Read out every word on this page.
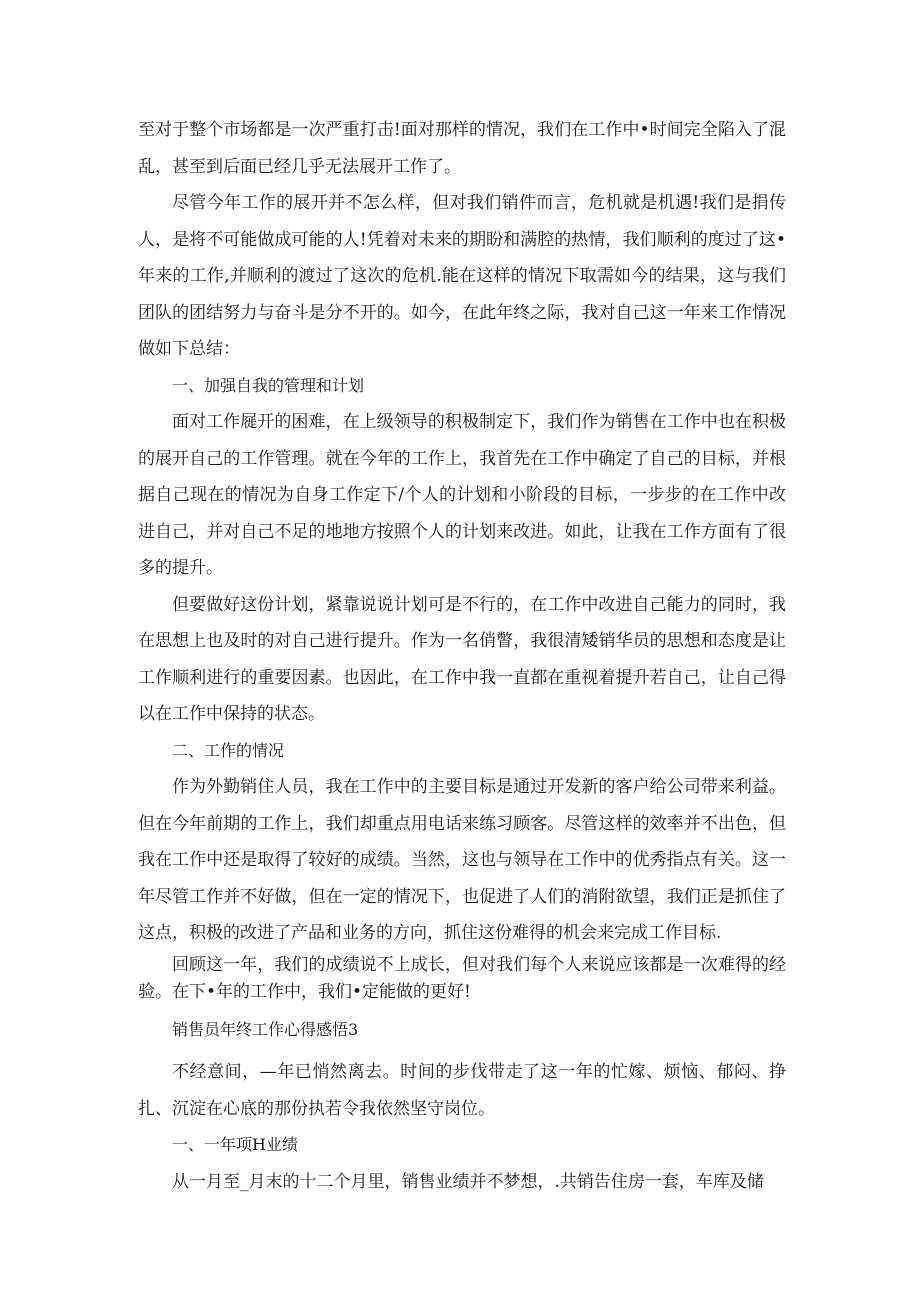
至对于整个市场都是一次严重打击!面对那样的情况，我们在工作中•时间完全陷入了混乱，甚至到后面已经几乎无法展开工作了。

尽管今年工作的展开并不怎么样，但对我们销件而言，危机就是机遇!我们是捐传人，是将不可能做成可能的人!凭着对未来的期盼和满腔的热情，我们顺利的度过了这•年来的工作,并顺利的渡过了这次的危机.能在这样的情况下取需如今的结果，这与我们团队的团结努力与奋斗是分不开的。如今，在此年终之际，我对自己这一年来工作情况做如下总结：

一、加强自我的管理和计划

面对工作屣开的困难，在上级领导的积极制定下，我们作为销售在工作中也在积极的展开自己的工作管理。就在今年的工作上，我首先在工作中确定了自己的目标，并根据自己现在的情况为自身工作定下/个人的计划和小阶段的目标，一步步的在工作中改进自己，并对自己不足的地地方按照个人的计划来改进。如此，让我在工作方面有了很多的提升。

但要做好这份计划，紧靠说说计划可是不行的，在工作中改进自己能力的同时，我在思想上也及时的对自己进行提升。作为一名俏瞥，我很清矮销华员的思想和态度是让工作顺利进行的重要因素。也因此，在工作中我一直都在重视着提升若自己，让自己得以在工作中保持的状态。

二、工作的情况

作为外勤销住人员，我在工作中的主要目标是通过开发新的客户给公司带来利益。但在今年前期的工作上，我们却重点用电话来练习顾客。尽管这样的效率并不出色，但我在工作中还是取得了较好的成绩。当然，这也与领导在工作中的优秀指点有关。这一年尽管工作并不好做，但在一定的情况下，也促进了人们的消附欲望，我们正是抓住了这点，积极的改进了产品和业务的方向，抓住这份难得的机会来完成工作目标.

回顾这一年，我们的成绩说不上成长，但对我们每个人来说应该都是一次难得的经验。在下•年的工作中，我们•定能做的更好!

销售员年终工作心得感悟3

不经意间，—年已悄然离去。时间的步伐带走了这一年的忙嫁、烦恼、郁闷、挣扎、沉淀在心底的那份执若令我依然坚守岗位。

一、一年项H业绩

从一月至_月末的十二个月里，销售业绩并不梦想，.共销告住房一套，车库及储
